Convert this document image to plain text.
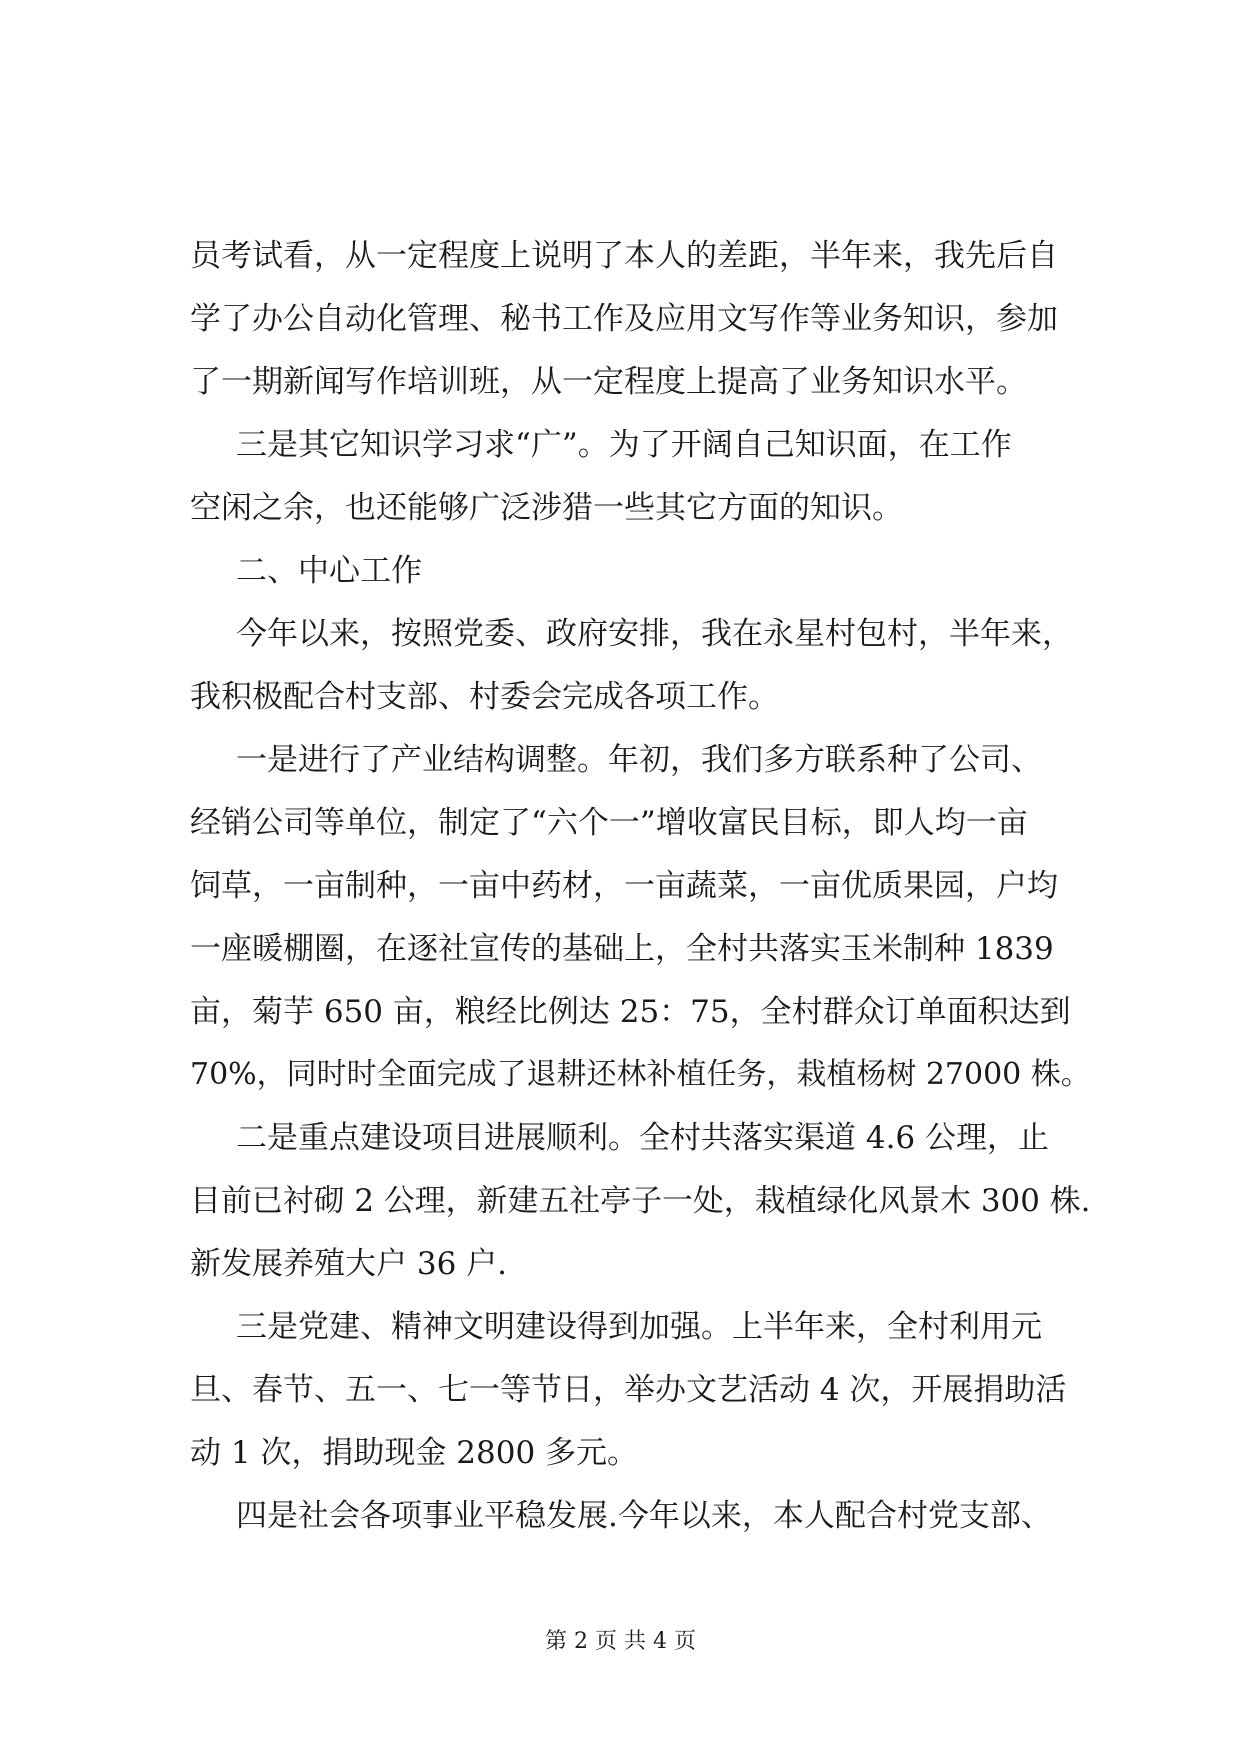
员考试看，从一定程度上说明了本人的差距，半年来，我先后自
学了办公自动化管理、秘书工作及应用文写作等业务知识，参加
了一期新闻写作培训班，从一定程度上提高了业务知识水平。
三是其它知识学习求“广”。为了开阔自己知识面，在工作
空闲之余，也还能够广泛涉猎一些其它方面的知识。
二、中心工作
今年以来，按照党委、政府安排，我在永星村包村，半年来，
我积极配合村支部、村委会完成各项工作。
一是进行了产业结构调整。年初，我们多方联系种了公司、
经销公司等单位，制定了“六个一”增收富民目标，即人均一亩
饲草，一亩制种，一亩中药材，一亩蔬菜，一亩优质果园，户均
一座暖棚圈，在逐社宣传的基础上，全村共落实玉米制种 1839
亩，菊芋 650 亩，粮经比例达 25：75，全村群众订单面积达到
70%，同时时全面完成了退耕还林补植任务，栽植杨树 27000 株。
二是重点建设项目进展顺利。全村共落实渠道 4.6 公理，止
目前已衬砌 2 公理，新建五社亭子一处，栽植绿化风景木 300 株.
新发展养殖大户 36 户.
三是党建、精神文明建设得到加强。上半年来，全村利用元
旦、春节、五一、七一等节日，举办文艺活动 4 次，开展捐助活
动 1 次，捐助现金 2800 多元。
四是社会各项事业平稳发展.今年以来，本人配合村党支部、
第 2 页 共 4 页
